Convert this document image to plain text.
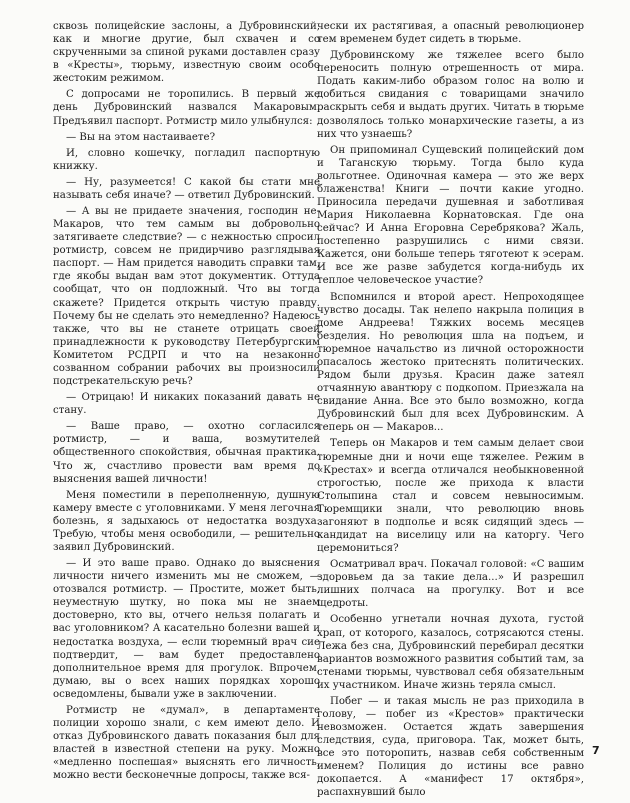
сквозь полицейские заслоны, а Дубровинский, как и многие другие, был схвачен и со скрученными за спиной руками доставлен сразу в «Кресты», тюрьму, известную своим особо жестоким режимом.

С допросами не торопились. В первый же день Дубровинский назвался Макаровым. Предъявил паспорт. Ротмистр мило улыбнулся:

— Вы на этом настаиваете?

И, словно кошечку, погладил паспортную книжку.

— Ну, разумеется! С какой бы стати мне называть себя иначе? — ответил Дубровинский.

— А вы не придаете значения, господин не-Макаров, что тем самым вы добровольно затягиваете следствие? — с нежностью спросил ротмистр, совсем не придирчиво разглядывая паспорт. — Нам придется наводить справки там, где якобы выдан вам этот документик. Оттуда сообщат, что он подложный. Что вы тогда скажете? Придется открыть чистую правду. Почему бы не сделать это немедленно? Надеюсь также, что вы не станете отрицать своей принадлежности к руководству Петербургским Комитетом РСДРП и что на незаконно созванном собрании рабочих вы произносили подстрекательскую речь?

— Отрицаю! И никаких показаний давать не стану.

— Ваше право, — охотно согласился ротмистр, — и ваша, возмутителей общественного спокойствия, обычная практика. Что ж, счастливо провести вам время до выяснения вашей личности!

Меня поместили в переполненную, душную камеру вместе с уголовниками. У меня легочная болезнь, я задыхаюсь от недостатка воздуха. Требую, чтобы меня освободили, — решительно заявил Дубровинский.

— И это ваше право. Однако до выяснения личности ничего изменить мы не сможем, — отозвался ротмистр. — Простите, может быть, неуместную шутку, но пока мы не знаем достоверно, кто вы, отчего нельзя полагать и вас уголовником? А касательно болезни вашей и недостатка воздуха, — если тюремный врач сие подтвердит, — вам будет предоставлено дополнительное время для прогулок. Впрочем, думаю, вы о всех наших порядках хорошо осведомлены, бывали уже в заключении.

Ротмистр не «думал», в департаменте полиции хорошо знали, с кем имеют дело. И отказ Дубровинского давать показания был для властей в известной степени на руку. Можно «медленно поспешая» выяснять его личность, можно вести бесконечные допросы, также вся-

чески их растягивая, а опасный революционер тем временем будет сидеть в тюрьме.

Дубровинскому же тяжелее всего было переносить полную отрешенность от мира. Подать каким-либо образом голос на волю и добиться свидания с товарищами значило раскрыть себя и выдать других. Читать в тюрьме дозволялось только монархические газеты, а из них что узнаешь?

Он припоминал Сущевский полицейский дом и Таганскую тюрьму. Тогда было куда вольготнее. Одиночная камера — это же верх блаженства! Книги — почти какие угодно. Приносила передачи душевная и заботливая Мария Николаевна Корнатовская. Где она сейчас? И Анна Егоровна Серебрякова? Жаль, постепенно разрушились с ними связи. Кажется, они больше теперь тяготеют к эсерам. И все же разве забудется когда-нибудь их теплое человеческое участие?

Вспомнился и второй арест. Непроходящее чувство досады. Так нелепо накрыла полиция в доме Андреева! Тяжких восемь месяцев безделия. Но революция шла на подъем, и тюремное начальство из личной осторожности опасалось жестоко притеснять политических. Рядом были друзья. Красин даже затеял отчаянную авантюру с подкопом. Приезжала на свидание Анна. Все это было возможно, когда Дубровинский был для всех Дубровинским. А теперь он — Макаров...

Теперь он Макаров и тем самым делает свои тюремные дни и ночи еще тяжелее. Режим в «Крестах» и всегда отличался необыкновенной строгостью, после же прихода к власти Столыпина стал и совсем невыносимым. Тюремщики знали, что революцию вновь загоняют в подполье и всяк сидящий здесь — кандидат на виселицу или на каторгу. Чего церемониться?

Осматривал врач. Покачал головой: «С вашим здоровьем да за такие дела...» И разрешил лишних полчаса на прогулку. Вот и все щедроты.

Особенно угнетали ночная духота, густой храп, от которого, казалось, сотрясаются стены. Лежа без сна, Дубровинский перебирал десятки вариантов возможного развития событий там, за стенами тюрьмы, чувствовал себя обязательным их участником. Иначе жизнь теряла смысл.

Побег — и такая мысль не раз приходила в голову, — побег из «Крестов» практически невозможен. Остается ждать завершения следствия, суда, приговора. Так, может быть, все это поторопить, назвав себя собственным именем? Полиция до истины все равно докопается. А «манифест 17 октября», распахнувший было

7
